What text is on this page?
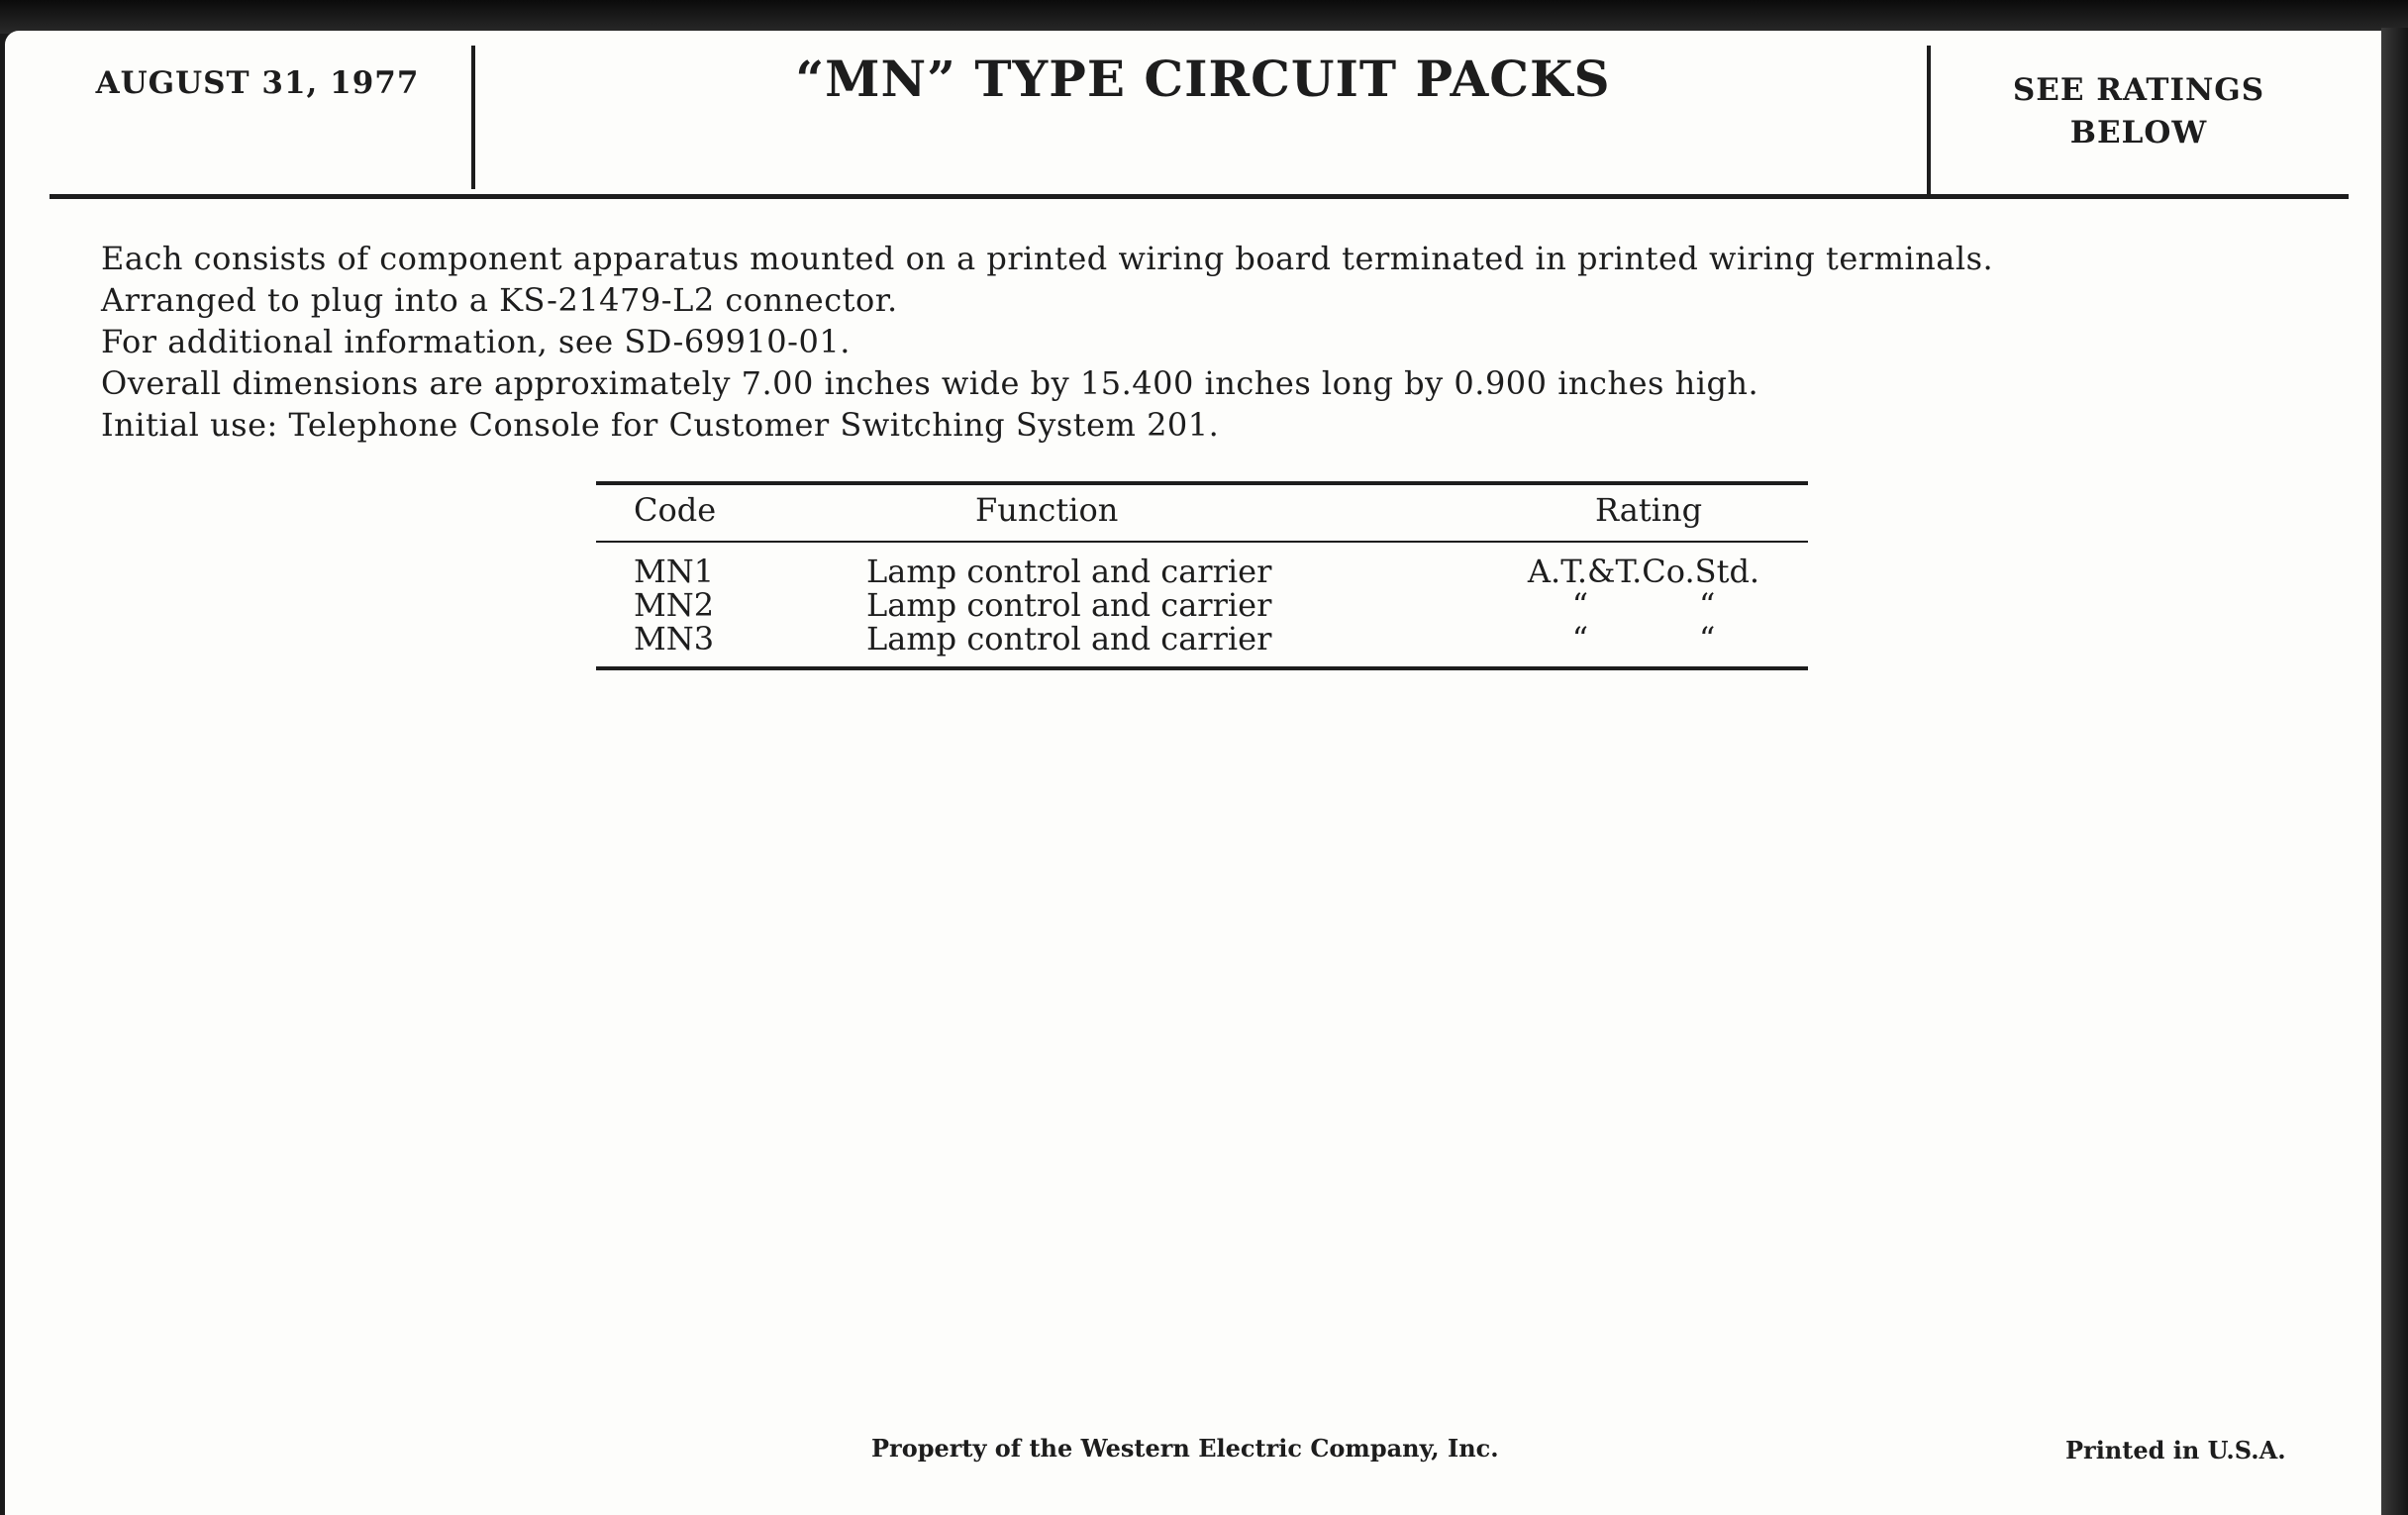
AUGUST 31, 1977	“MN” TYPE CIRCUIT PACKS	SEE RATINGS
BELOW
Each consists of component apparatus mounted on a printed wiring board terminated in printed wiring terminals.
Arranged to plug into a KS-21479-L2 connector.
For additional information, see SD-69910-01.
Overall dimensions are approximately 7.00 inches wide by 15.400 inches long by 0.900 inches high.
Initial use: Telephone Console for Customer Switching System 201.
Code	Function	Rating
MN1	Lamp control and carrier	A.T.&T.Co.Std.
MN2	Lamp control and carrier	“           “
MN3	Lamp control and carrier	“           “
Property of the Western Electric Company, Inc.	Printed in U.S.A.
